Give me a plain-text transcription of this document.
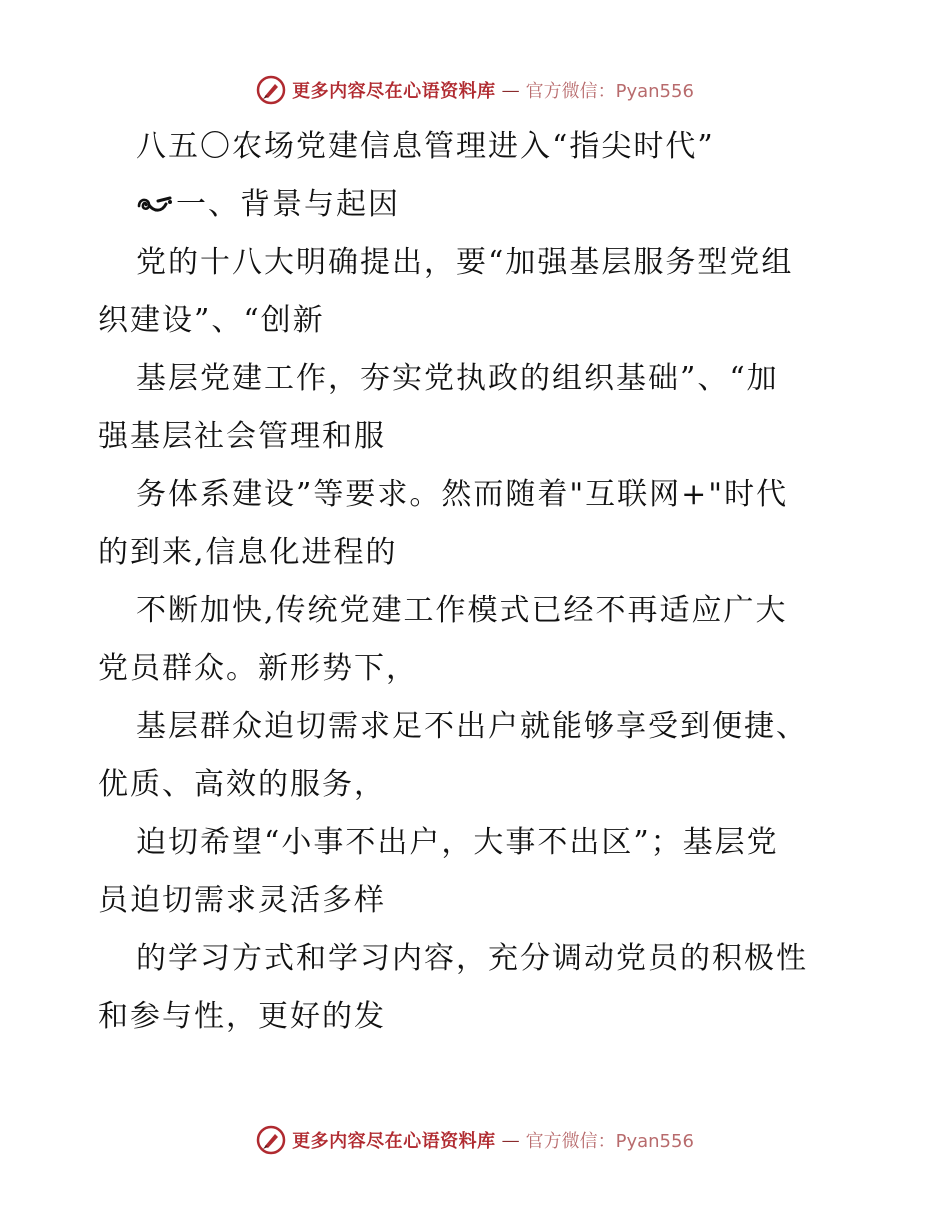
更多内容尽在心语资料库 — 官方微信：Pyan556
八五〇农场党建信息管理进入“指尖时代”
一、背景与起因
党的十八大明确提出，要“加强基层服务型党组
织建设”、“创新
基层党建工作，夯实党执政的组织基础”、“加
强基层社会管理和服
务体系建设”等要求。然而随着"互联网+"时代
的到来,信息化进程的
不断加快,传统党建工作模式已经不再适应广大
党员群众。新形势下，
基层群众迫切需求足不出户就能够享受到便捷、
优质、高效的服务，
迫切希望“小事不出户，大事不出区”；基层党
员迫切需求灵活多样
的学习方式和学习内容，充分调动党员的积极性
和参与性，更好的发
更多内容尽在心语资料库 — 官方微信：Pyan556
